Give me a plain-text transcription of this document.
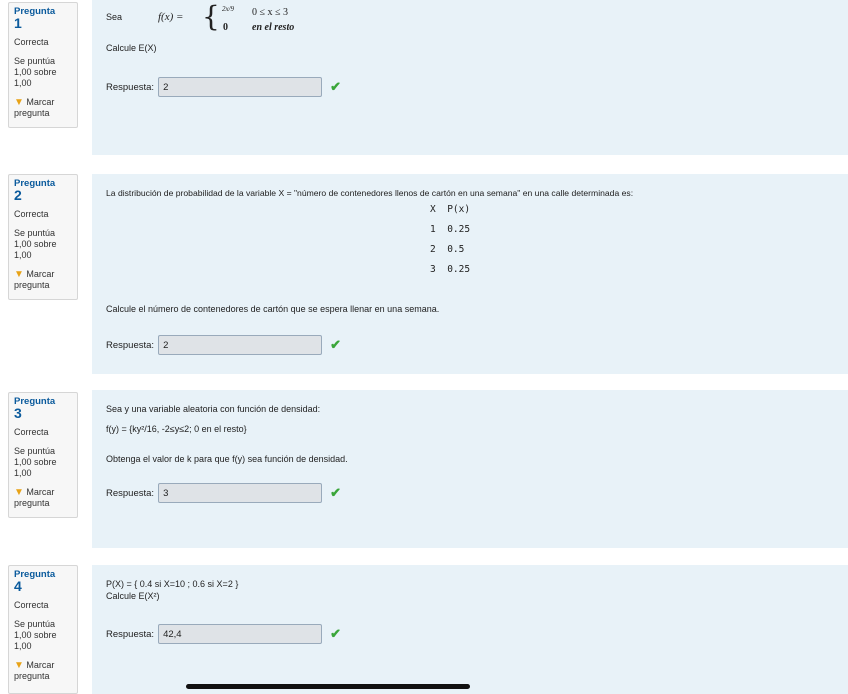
Pregunta
1
Correcta
Se puntúa 1,00 sobre 1,00
▼ Marcar pregunta
Sea	f(x) = { 2x/9 0 ≤ x ≤ 3
0 en el resto
Calcule E(X)
Respuesta:
2	✔
Pregunta
2
Correcta
Se puntúa 1,00 sobre 1,00
▼ Marcar pregunta
La distribución de probabilidad de la variable X = "número de contenedores llenos de cartón en una semana" en una calle determinada es:
X P(x)
1 0.25
2 0.5
3 0.25
Calcule el número de contenedores de cartón que se espera llenar en una semana.
Respuesta:
2	✔
Pregunta
3
Correcta
Se puntúa 1,00 sobre 1,00
▼ Marcar pregunta
Sea y una variable aleatoria con función de densidad:
f(y) = {ky²/16, -2≤y≤2; 0 en el resto}
Obtenga el valor de k para que f(y) sea función de densidad.
Respuesta:
3	✔
Pregunta
4
Correcta
Se puntúa 1,00 sobre 1,00
▼ Marcar pregunta
P(X) = { 0.4 si X=10 ; 0.6 si X=2 }
Calcule E(X²)
Respuesta:
42,4	✔
